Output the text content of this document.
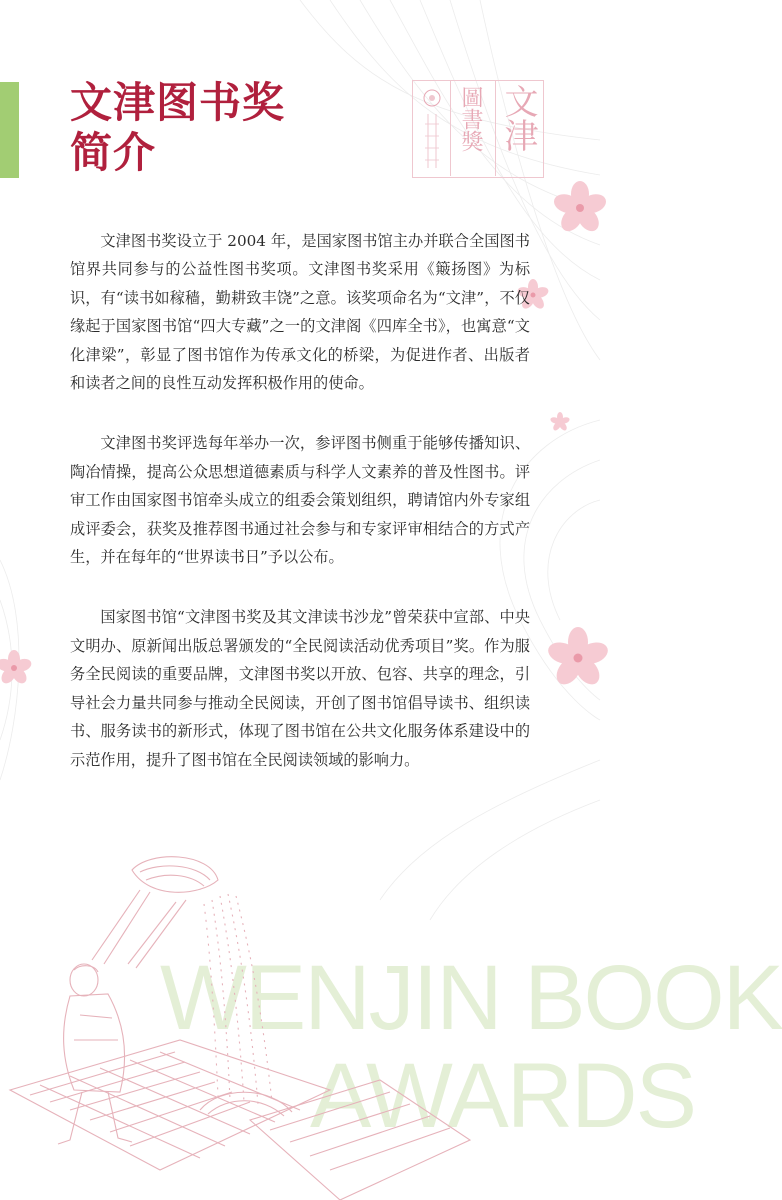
文津图书奖
简介
圖書獎 文津

文津图书奖设立于 2004 年，是国家图书馆主办并联合全国图书馆界共同参与的公益性图书奖项。文津图书奖采用《簸扬图》为标识，有“读书如稼穑，勤耕致丰饶”之意。该奖项命名为“文津”，不仅缘起于国家图书馆“四大专藏”之一的文津阁《四库全书》，也寓意“文化津梁”，彰显了图书馆作为传承文化的桥梁，为促进作者、出版者和读者之间的良性互动发挥积极作用的使命。

文津图书奖评选每年举办一次，参评图书侧重于能够传播知识、陶冶情操，提高公众思想道德素质与科学人文素养的普及性图书。评审工作由国家图书馆牵头成立的组委会策划组织，聘请馆内外专家组成评委会，获奖及推荐图书通过社会参与和专家评审相结合的方式产生，并在每年的“世界读书日”予以公布。

国家图书馆“文津图书奖及其文津读书沙龙”曾荣获中宣部、中央文明办、原新闻出版总署颁发的“全民阅读活动优秀项目”奖。作为服务全民阅读的重要品牌，文津图书奖以开放、包容、共享的理念，引导社会力量共同参与推动全民阅读，开创了图书馆倡导读书、组织读书、服务读书的新形式，体现了图书馆在公共文化服务体系建设中的示范作用，提升了图书馆在全民阅读领域的影响力。

WENJIN BOOK
AWARDS
